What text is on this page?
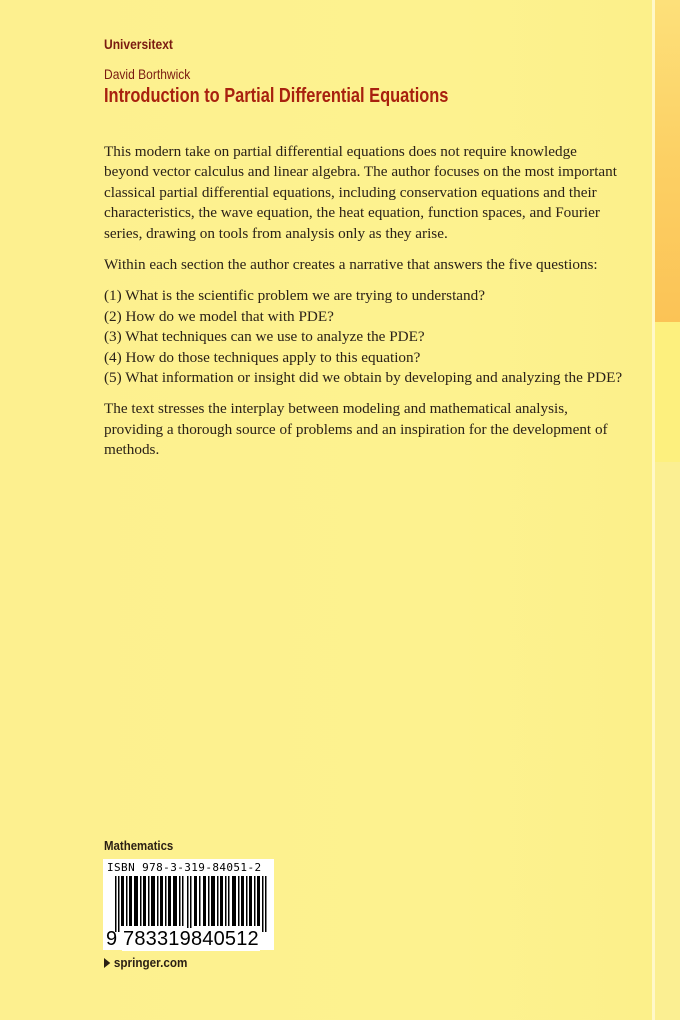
Universitext
David Borthwick
Introduction to Partial Differential Equations

This modern take on partial differential equations does not require knowledge beyond vector calculus and linear algebra. The author focuses on the most important classical partial differential equations, including conservation equations and their characteristics, the wave equation, the heat equation, function spaces, and Fourier series, drawing on tools from analysis only as they arise.

Within each section the author creates a narrative that answers the five questions:

(1) What is the scientific problem we are trying to understand?
(2) How do we model that with PDE?
(3) What techniques can we use to analyze the PDE?
(4) How do those techniques apply to this equation?
(5) What information or insight did we obtain by developing and analyzing the PDE?

The text stresses the interplay between modeling and mathematical analysis, providing a thorough source of problems and an inspiration for the development of methods.

Mathematics
ISBN 978-3-319-84051-2
9 783319840512
springer.com
